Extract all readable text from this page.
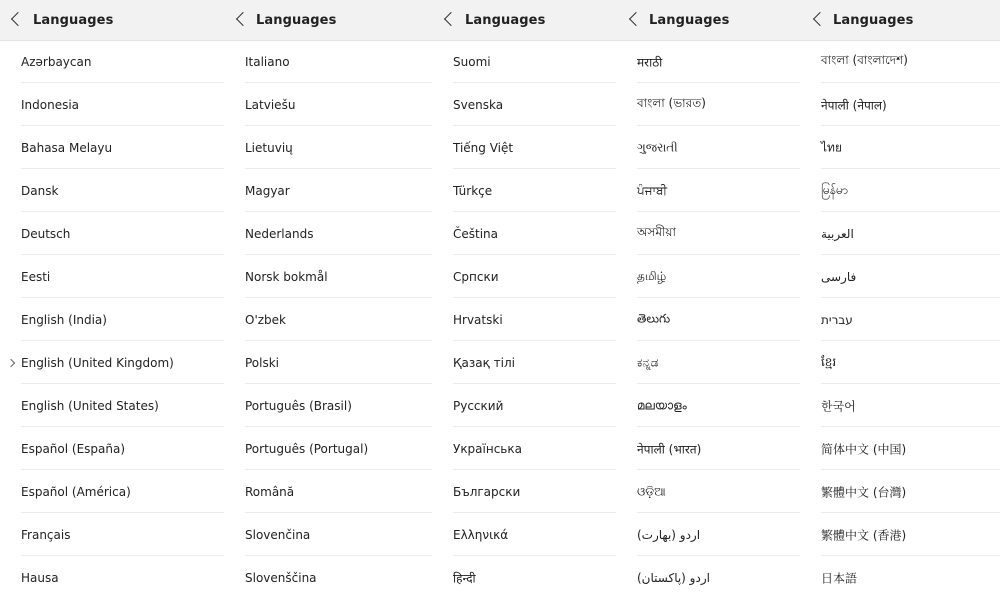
Languages
Azərbaycan
Indonesia
Bahasa Melayu
Dansk
Deutsch
Eesti
English (India)
English (United Kingdom)
English (United States)
Español (España)
Español (América)
Français
Hausa
Languages
Italiano
Latviešu
Lietuvių
Magyar
Nederlands
Norsk bokmål
O'zbek
Polski
Português (Brasil)
Português (Portugal)
Română
Slovenčina
Slovenščina
Languages
Suomi
Svenska
Tiếng Việt
Türkçe
Čeština
Српски
Hrvatski
Қазақ тілі
Русский
Українська
Български
Ελληνικά
हिन्दी
Languages
मराठी
বাংলা (ভারত)
ગુજરાતી
ਪੰਜਾਬੀ
অসমীয়া
தமிழ்
తెలుగు
ಕನ್ನಡ
മലയാളം
नेपाली (भारत)
ଓଡ଼ିଆ
اردو (بھارت)
اردو (پاکستان)
Languages
বাংলা (বাংলাদেশ)
नेपाली (नेपाल)
ไทย
မြန်မာ
العربية
فارسی
עברית
ខ្មែរ
한국어
简体中文 (中国)
繁體中文 (台灣)
繁體中文 (香港)
日本語
